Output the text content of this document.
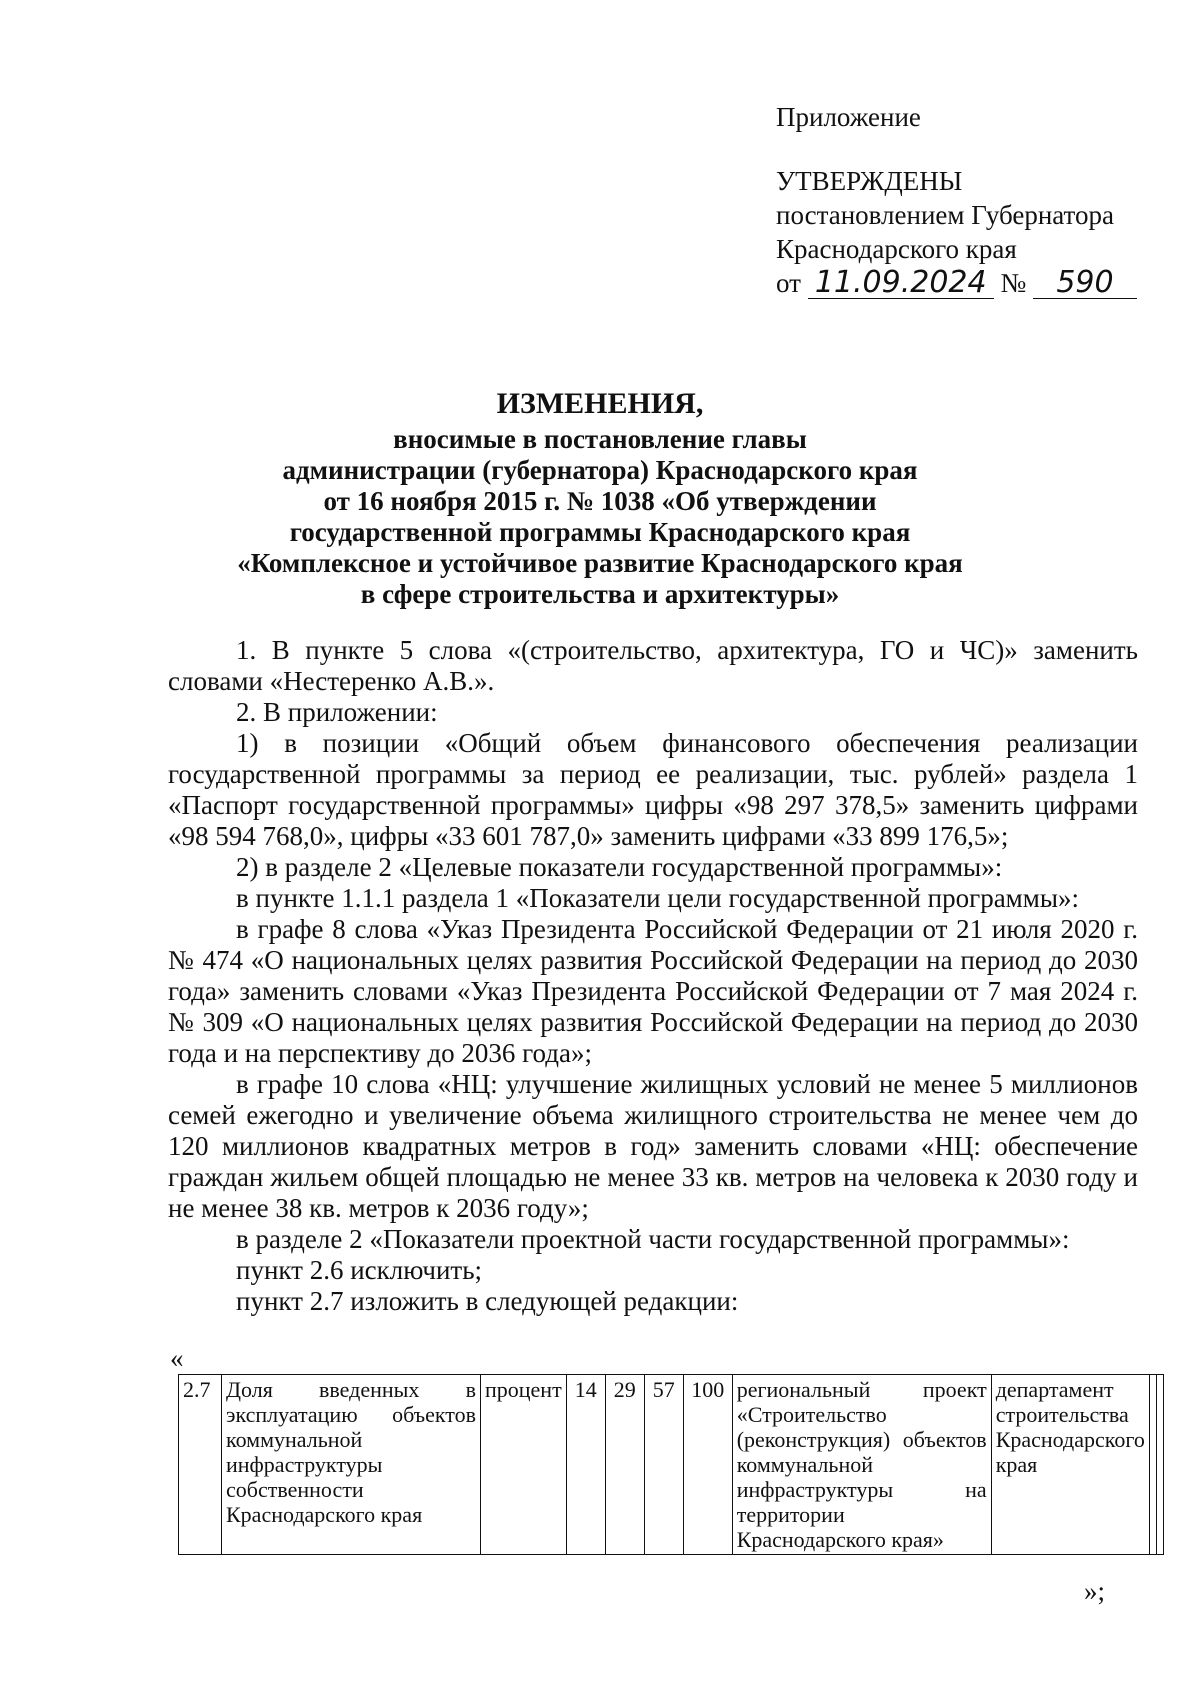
Приложение
УТВЕРЖДЕНЫ
постановлением Губернатора
Краснодарского края
от 11.09.2024 № 590
ИЗМЕНЕНИЯ,
вносимые в постановление главы
администрации (губернатора) Краснодарского края
от 16 ноября 2015 г. № 1038 «Об утверждении
государственной программы Краснодарского края
«Комплексное и устойчивое развитие Краснодарского края
в сфере строительства и архитектуры»

1. В пункте 5 слова «(строительство, архитектура, ГО и ЧС)» заменить словами «Нестеренко А.В.».

2. В приложении:

1) в позиции «Общий объем финансового обеспечения реализации государственной программы за период ее реализации, тыс. рублей» раздела 1 «Паспорт государственной программы» цифры «98 297 378,5» заменить цифрами «98 594 768,0», цифры «33 601 787,0» заменить цифрами «33 899 176,5»;

2) в разделе 2 «Целевые показатели государственной программы»:

в пункте 1.1.1 раздела 1 «Показатели цели государственной программы»:

в графе 8 слова «Указ Президента Российской Федерации от 21 июля 2020 г. № 474 «О национальных целях развития Российской Федерации на период до 2030 года» заменить словами «Указ Президента Российской Федерации от 7 мая 2024 г. № 309 «О национальных целях развития Российской Федерации на период до 2030 года и на перспективу до 2036 года»;

в графе 10 слова «НЦ: улучшение жилищных условий не менее 5 миллионов семей ежегодно и увеличение объема жилищного строительства не менее чем до 120 миллионов квадратных метров в год» заменить словами «НЦ: обеспечение граждан жильем общей площадью не менее 33 кв. метров на человека к 2030 году и не менее 38 кв. метров к 2036 году»;

в разделе 2 «Показатели проектной части государственной программы»:

пункт 2.6 исключить;

пункт 2.7 изложить в следующей редакции:

«
2.7	Доля введенных в эксплуатацию объектов коммунальной инфраструктуры собственности Краснодарского края	процент	14	29	57	100	региональный проект «Строительство (реконструкция) объектов коммунальной инфраструктуры на территории Краснодарского края»	департамент строительства Краснодарского края		
»;
